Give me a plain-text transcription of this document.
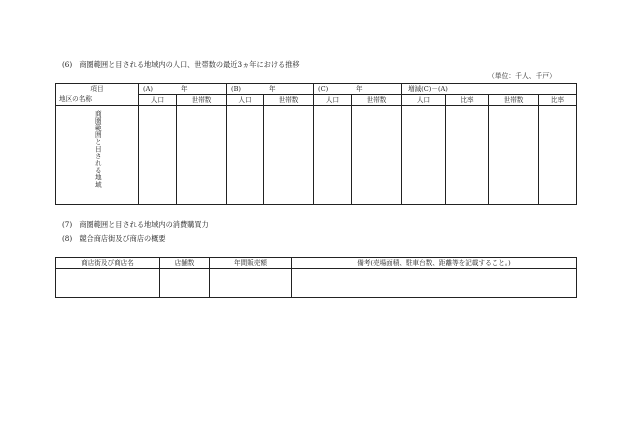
(6)　商圏範囲と目される地域内の人口、世帯数の最近3ヵ年における推移
（単位：千人、千戸）
項目	(A) 年		(B) 年		(C) 年		増減(C)－(A)			
地区の名称	人口	世帯数	人口	世帯数	人口	世帯数	人口	比率	世帯数	比率

商圏範囲と目される地域										

(7)　商圏範囲と目される地域内の消費購買力
(8)　競合商店街及び商店の概要
商店街及び商店名	店舗数	年間販売額	備考(売場面積、駐車台数、距離等を記載すること。)
